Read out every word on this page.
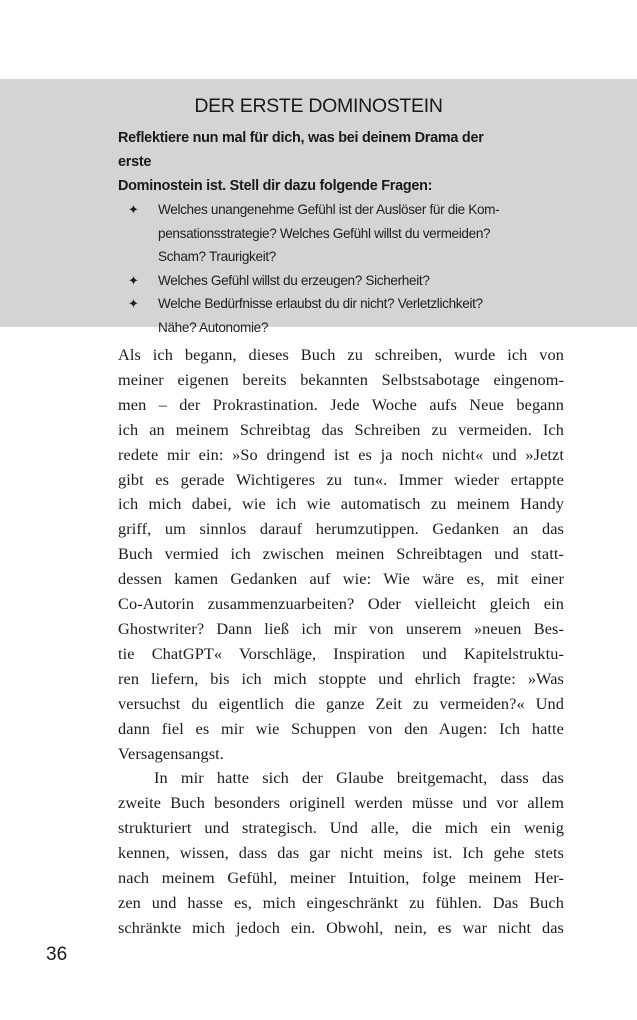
DER ERSTE DOMINOSTEIN

Reflektiere nun mal für dich, was bei deinem Drama der erste
Dominostein ist. Stell dir dazu folgende Fragen:

✦ Welches unangenehme Gefühl ist der Auslöser für die Kom-
pensationsstrategie? Welches Gefühl willst du vermeiden?
Scham? Traurigkeit?
✦ Welches Gefühl willst du erzeugen? Sicherheit?
✦ Welche Bedürfnisse erlaubst du dir nicht? Verletzlichkeit?
Nähe? Autonomie?
Als ich begann, dieses Buch zu schreiben, wurde ich von
meiner eigenen bereits bekannten Selbstsabotage eingenom-
men – der Prokrastination. Jede Woche aufs Neue begann
ich an meinem Schreibtag das Schreiben zu vermeiden. Ich
redete mir ein: »So dringend ist es ja noch nicht« und »Jetzt
gibt es gerade Wichtigeres zu tun«. Immer wieder ertappte
ich mich dabei, wie ich wie automatisch zu meinem Handy
griff, um sinnlos darauf herumzutippen. Gedanken an das
Buch vermied ich zwischen meinen Schreibtagen und statt-
dessen kamen Gedanken auf wie: Wie wäre es, mit einer
Co-Autorin zusammenzuarbeiten? Oder vielleicht gleich ein
Ghostwriter? Dann ließ ich mir von unserem »neuen Bes-
tie ChatGPT« Vorschläge, Inspiration und Kapitelstruktu-
ren liefern, bis ich mich stoppte und ehrlich fragte: »Was
versuchst du eigentlich die ganze Zeit zu vermeiden?« Und
dann fiel es mir wie Schuppen von den Augen: Ich hatte
Versagensangst.
In mir hatte sich der Glaube breitgemacht, dass das
zweite Buch besonders originell werden müsse und vor allem
strukturiert und strategisch. Und alle, die mich ein wenig
kennen, wissen, dass das gar nicht meins ist. Ich gehe stets
nach meinem Gefühl, meiner Intuition, folge meinem Her-
zen und hasse es, mich eingeschränkt zu fühlen. Das Buch
schränkte mich jedoch ein. Obwohl, nein, es war nicht das
36
